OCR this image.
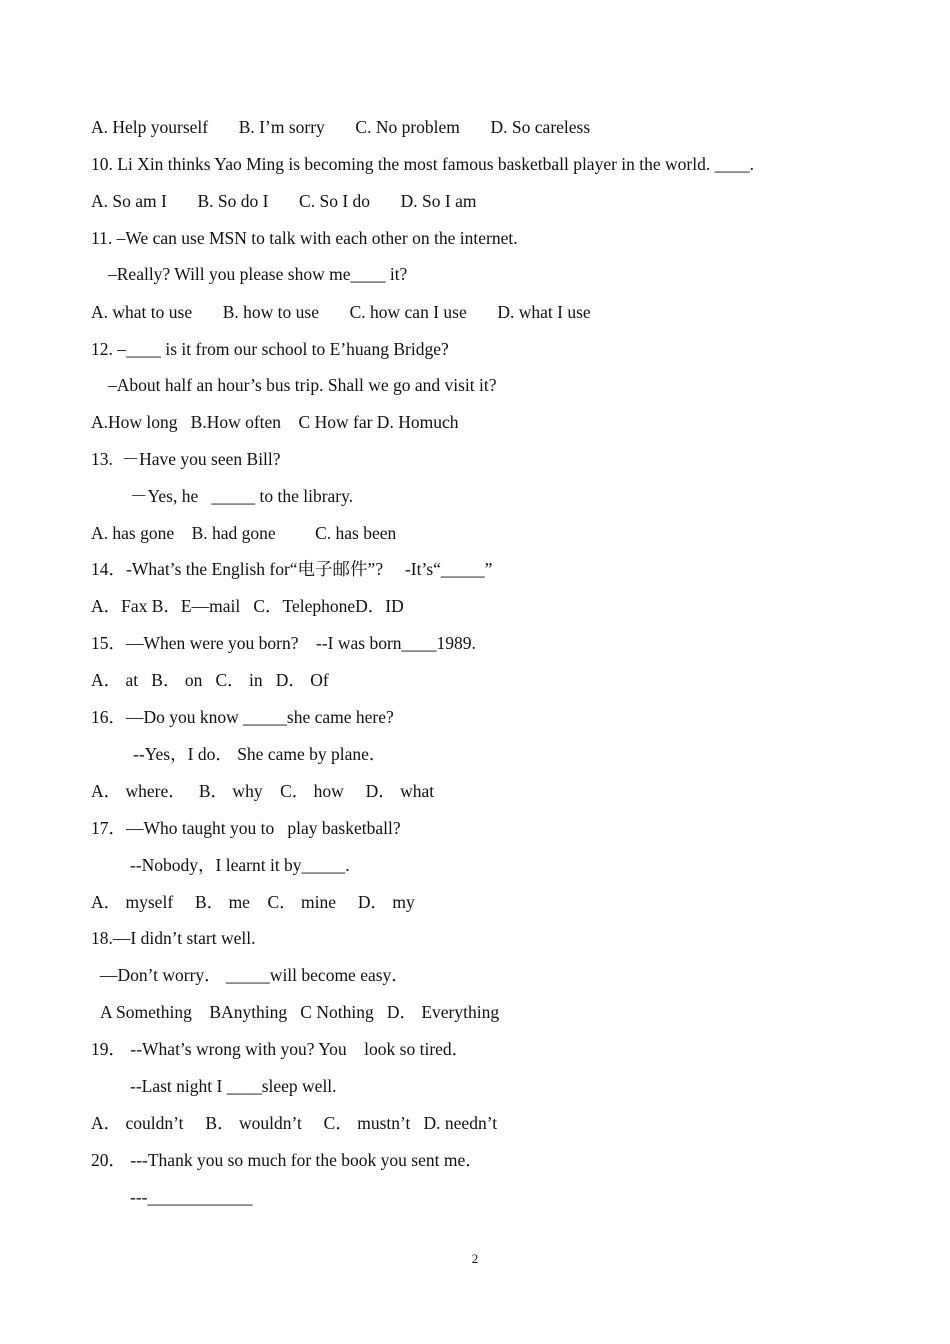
A. Help yourself       B. I’m sorry       C. No problem       D. So careless
10. Li Xin thinks Yao Ming is becoming the most famous basketball player in the world. ____.
A. So am I       B. So do I       C. So I do       D. So I am
11. –We can use MSN to talk with each other on the internet.
–Really? Will you please show me____ it?
A. what to use       B. how to use       C. how can I use       D. what I use
12. –____ is it from our school to E’huang Bridge?
–About half an hour’s bus trip. Shall we go and visit it?
A.How long   B.How often    C How far D. Homuch
13.  －Have you seen Bill?
－Yes, he   _____ to the library.
A. has gone    B. had gone         C. has been
14．-What’s the English for“电子邮件”?     -It’s“_____”
A．Fax B．E—mail   C．TelephoneD．ID
15．—When were you born?    --I was born____1989.
A． at   B． on   C． in   D． Of
16．—Do you know _____she came here?
--Yes，I do． She came by plane．
A． where．   B． why    C． how     D． what
17．—Who taught you to   play basketball?
--Nobody，I learnt it by_____.
A． myself     B． me    C． mine     D． my
18.—I didn’t start well.
—Don’t worry． _____will become easy．
A Something    BAnything   C Nothing   D． Everything
19． --What’s wrong with you? You    look so tired．
--Last night I ____sleep well.
A． couldn’t     B． wouldn’t     C． mustn’t   D. needn’t
20． ---Thank you so much for the book you sent me．
---____________
2
